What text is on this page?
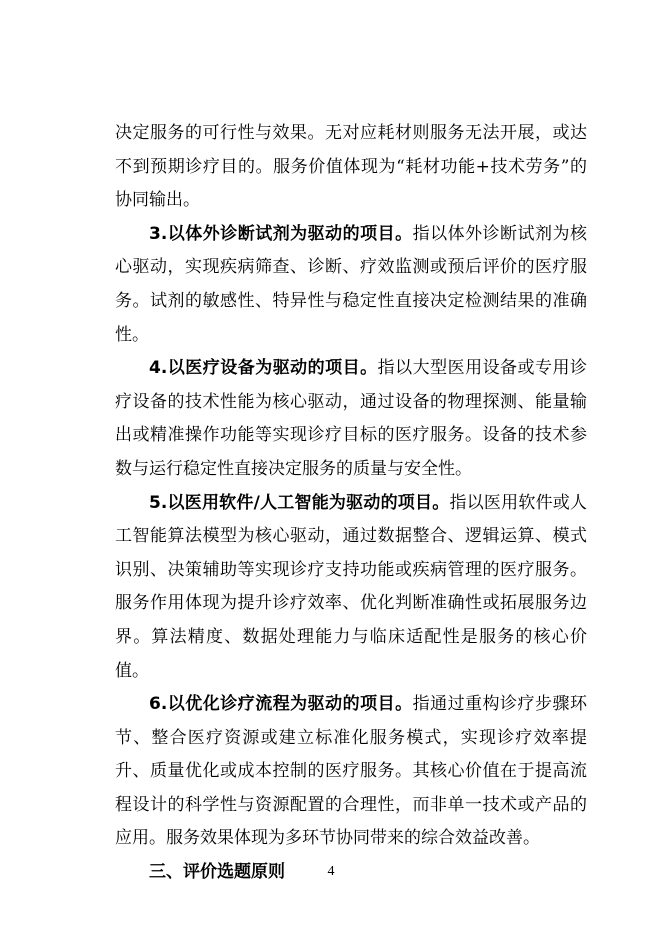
决定服务的可行性与效果。无对应耗材则服务无法开展，或达不到预期诊疗目的。服务价值体现为“耗材功能+技术劳务”的协同输出。

3.以体外诊断试剂为驱动的项目。指以体外诊断试剂为核心驱动，实现疾病筛查、诊断、疗效监测或预后评价的医疗服务。试剂的敏感性、特异性与稳定性直接决定检测结果的准确性。

4.以医疗设备为驱动的项目。指以大型医用设备或专用诊疗设备的技术性能为核心驱动，通过设备的物理探测、能量输出或精准操作功能等实现诊疗目标的医疗服务。设备的技术参数与运行稳定性直接决定服务的质量与安全性。

5.以医用软件/人工智能为驱动的项目。指以医用软件或人工智能算法模型为核心驱动，通过数据整合、逻辑运算、模式识别、决策辅助等实现诊疗支持功能或疾病管理的医疗服务。服务作用体现为提升诊疗效率、优化判断准确性或拓展服务边界。算法精度、数据处理能力与临床适配性是服务的核心价值。

6.以优化诊疗流程为驱动的项目。指通过重构诊疗步骤环节、整合医疗资源或建立标准化服务模式，实现诊疗效率提升、质量优化或成本控制的医疗服务。其核心价值在于提高流程设计的科学性与资源配置的合理性，而非单一技术或产品的应用。服务效果体现为多环节协同带来的综合效益改善。

三、评价选题原则	4
